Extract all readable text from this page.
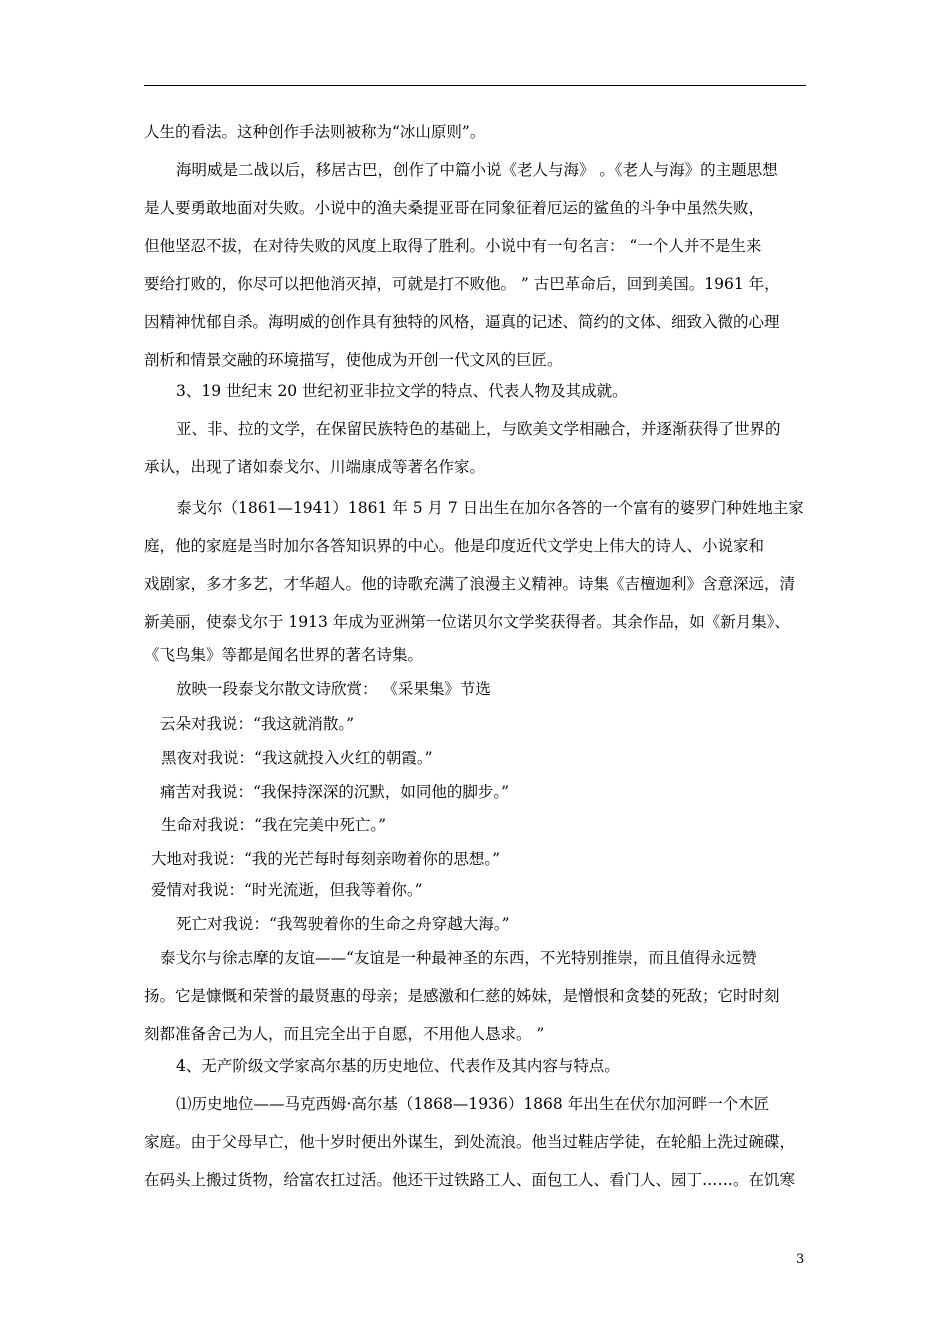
人生的看法。这种创作手法则被称为“冰山原则”。

海明威是二战以后，移居古巴，创作了中篇小说《老人与海》 。《老人与海》的主题思想

是人要勇敢地面对失败。小说中的渔夫桑提亚哥在同象征着厄运的鲨鱼的斗争中虽然失败，

但他坚忍不拔，在对待失败的风度上取得了胜利。小说中有一句名言： “一个人并不是生来

要给打败的，你尽可以把他消灭掉，可就是打不败他。 ” 古巴革命后，回到美国。1961 年，

因精神忧郁自杀。海明威的创作具有独特的风格，逼真的记述、简约的文体、细致入微的心理

剖析和情景交融的环境描写，使他成为开创一代文风的巨匠。

3、19 世纪末 20 世纪初亚非拉文学的特点、代表人物及其成就。

亚、非、拉的文学，在保留民族特色的基础上，与欧美文学相融合，并逐渐获得了世界的

承认，出现了诸如泰戈尔、川端康成等著名作家。

泰戈尔（1861—1941）1861 年 5 月 7 日出生在加尔各答的一个富有的婆罗门种姓地主家

庭，他的家庭是当时加尔各答知识界的中心。他是印度近代文学史上伟大的诗人、小说家和

戏剧家，多才多艺，才华超人。他的诗歌充满了浪漫主义精神。诗集《吉檀迦利》含意深远，清

新美丽，使泰戈尔于 1913 年成为亚洲第一位诺贝尔文学奖获得者。其余作品，如《新月集》、

《飞鸟集》等都是闻名世界的著名诗集。

放映一段泰戈尔散文诗欣赏： 《采果集》节选

云朵对我说：“我这就消散。”

黑夜对我说：“我这就投入火红的朝霞。”

痛苦对我说：“我保持深深的沉默，如同他的脚步。”

生命对我说：“我在完美中死亡。”

大地对我说：“我的光芒每时每刻亲吻着你的思想。”

爱情对我说：“时光流逝，但我等着你。”

死亡对我说：“我驾驶着你的生命之舟穿越大海。”

泰戈尔与徐志摩的友谊——“友谊是一种最神圣的东西，不光特别推崇，而且值得永远赞

扬。它是慷慨和荣誉的最贤惠的母亲；是感激和仁慈的姊妹，是憎恨和贪婪的死敌；它时时刻

刻都准备舍己为人，而且完全出于自愿，不用他人恳求。 ”

4、无产阶级文学家高尔基的历史地位、代表作及其内容与特点。

⑴历史地位——马克西姆·高尔基（1868—1936）1868 年出生在伏尔加河畔一个木匠

家庭。由于父母早亡，他十岁时便出外谋生，到处流浪。他当过鞋店学徒，在轮船上洗过碗碟，

在码头上搬过货物，给富农扛过活。他还干过铁路工人、面包工人、看门人、园丁……。在饥寒

3
